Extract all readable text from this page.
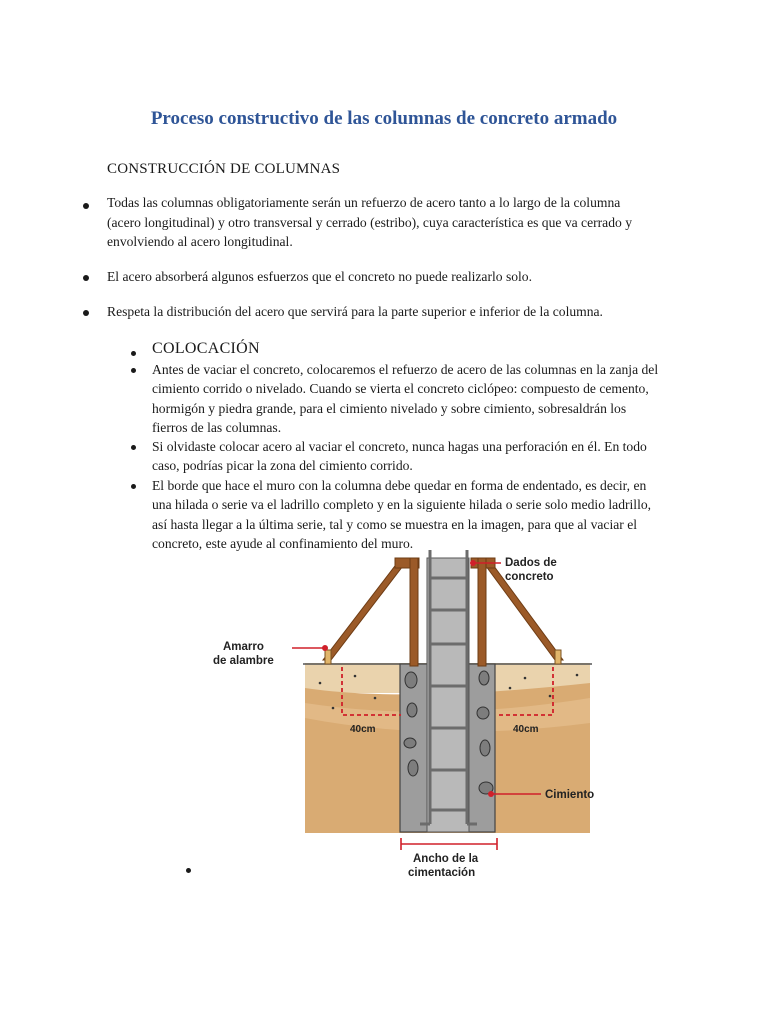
Proceso constructivo de las columnas de concreto armado
CONSTRUCCIÓN DE COLUMNAS
Todas las columnas obligatoriamente serán un refuerzo de acero tanto a lo largo de la columna (acero longitudinal) y otro transversal y cerrado (estribo), cuya característica es que va cerrado y envolviendo al acero longitudinal.
El acero absorberá algunos esfuerzos que el concreto no puede realizarlo solo.
Respeta la distribución del acero que servirá para la parte superior e inferior de la columna.
COLOCACIÓN
Antes de vaciar el concreto, colocaremos el refuerzo de acero de las columnas en la zanja del cimiento corrido o nivelado. Cuando se vierta el concreto ciclópeo: compuesto de cemento, hormigón y piedra grande, para el cimiento nivelado y sobre cimiento, sobresaldrán los fierros de las columnas.
Si olvidaste colocar acero al vaciar el concreto, nunca hagas una perforación en él. En todo caso, podrías picar la zona del cimiento corrido.
El borde que hace el muro con la columna debe quedar en forma de endentado, es decir, en una hilada o serie va el ladrillo completo y en la siguiente hilada o serie solo medio ladrillo, así hasta llegar a la última serie, tal y como se muestra en la imagen, para que al vaciar el concreto, este ayude al confinamiento del muro.
Dados de
concreto
Amarro
de alambre
40cm	40cm
Cimiento
Ancho de la
cimentación
